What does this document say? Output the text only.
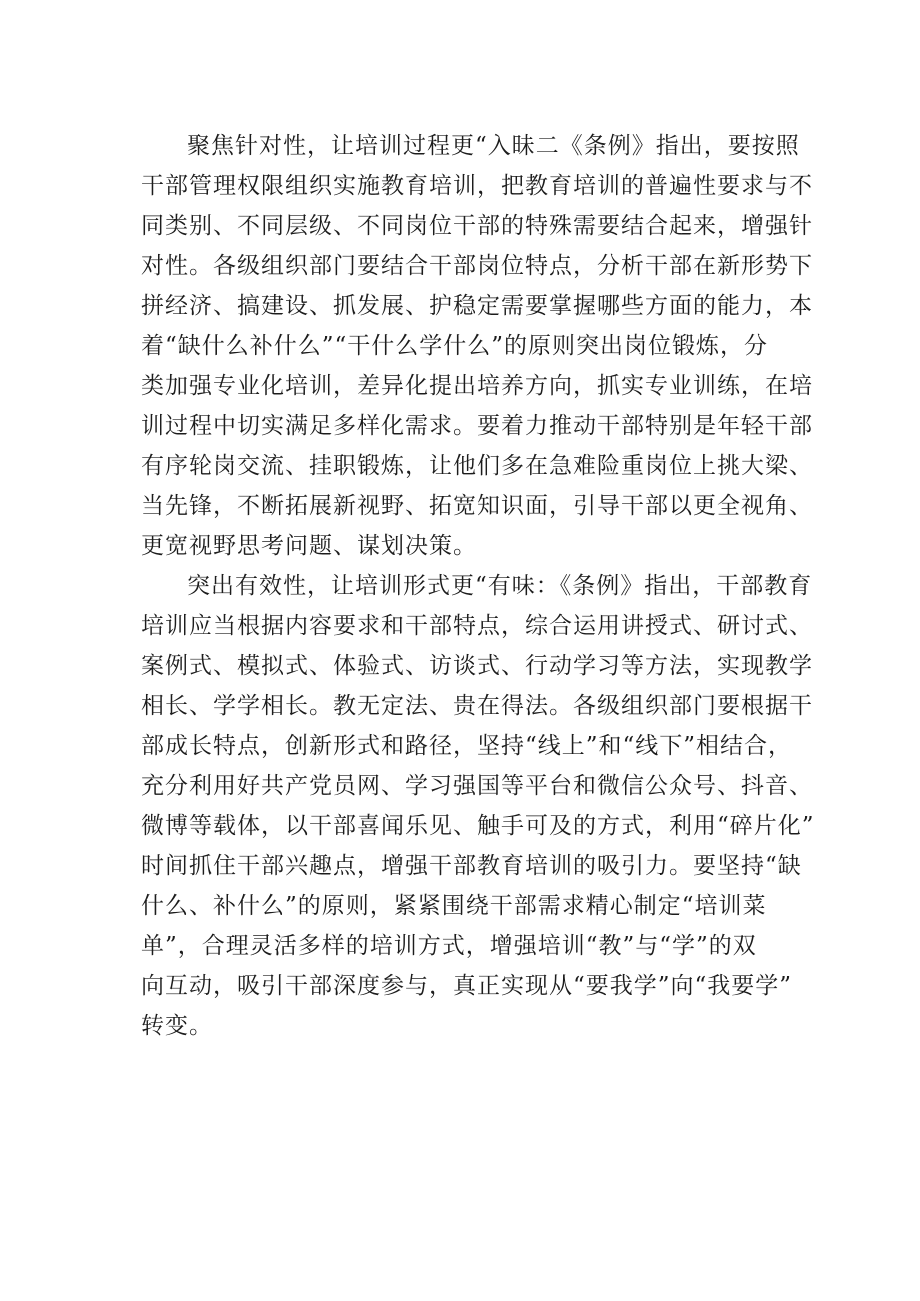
聚焦针对性，让培训过程更“入昧二《条例》指出，要按照
干部管理权限组织实施教育培训，把教育培训的普遍性要求与不
同类别、不同层级、不同岗位干部的特殊需要结合起来，增强针
对性。各级组织部门要结合干部岗位特点，分析干部在新形势下
拼经济、搞建设、抓发展、护稳定需要掌握哪些方面的能力，本
着“缺什么补什么”“干什么学什么”的原则突出岗位锻炼，分
类加强专业化培训，差异化提出培养方向，抓实专业训练，在培
训过程中切实满足多样化需求。要着力推动干部特别是年轻干部
有序轮岗交流、挂职锻炼，让他们多在急难险重岗位上挑大梁、
当先锋，不断拓展新视野、拓宽知识面，引导干部以更全视角、
更宽视野思考问题、谋划决策。

突出有效性，让培训形式更“有味：《条例》指出，干部教育
培训应当根据内容要求和干部特点，综合运用讲授式、研讨式、
案例式、模拟式、体验式、访谈式、行动学习等方法，实现教学
相长、学学相长。教无定法、贵在得法。各级组织部门要根据干
部成长特点，创新形式和路径，坚持“线上”和“线下”相结合，
充分利用好共产党员网、学习强国等平台和微信公众号、抖音、
微博等载体，以干部喜闻乐见、触手可及的方式，利用“碎片化”
时间抓住干部兴趣点，增强干部教育培训的吸引力。要坚持“缺
什么、补什么”的原则，紧紧围绕干部需求精心制定“培训菜
单”，合理灵活多样的培训方式，增强培训“教”与“学”的双
向互动，吸引干部深度参与，真正实现从“要我学”向“我要学”
转变。
